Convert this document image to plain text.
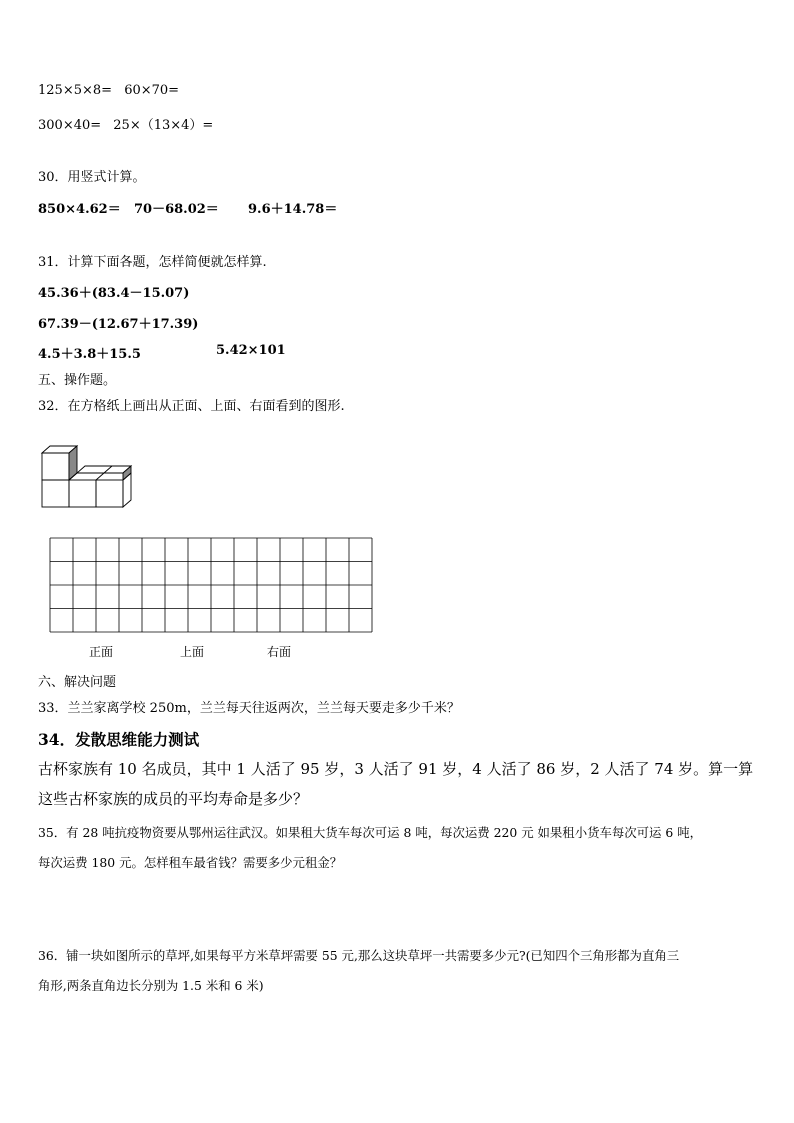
125×5×8= 60×70=
300×40= 25×（13×4）=
30．用竖式计算。
850×4.62＝ 70－68.02＝ 9.6＋14.78＝
31．计算下面各题，怎样简便就怎样算.
45.36＋(83.4－15.07)
67.39－(12.67＋17.39)
4.5＋3.8＋15.5	5.42×101
五、操作题。
32．在方格纸上画出从正面、上面、右面看到的图形.
正面	上面	右面
六、解决问题
33．兰兰家离学校 250m，兰兰每天往返两次，兰兰每天要走多少千米？
34．发散思维能力测试
古杯家族有 10 名成员，其中 1 人活了 95 岁，3 人活了 91 岁，4 人活了 86 岁，2 人活了 74 岁。算一算
这些古杯家族的成员的平均寿命是多少？
35．有 28 吨抗疫物资要从鄂州运往武汉。如果租大货车每次可运 8 吨，每次运费 220 元 如果租小货车每次可运 6 吨，
每次运费 180 元。怎样租车最省钱？需要多少元租金？
36．铺一块如图所示的草坪,如果每平方米草坪需要 55 元,那么这块草坪一共需要多少元?(已知四个三角形都为直角三
角形,两条直角边长分别为 1.5 米和 6 米)
